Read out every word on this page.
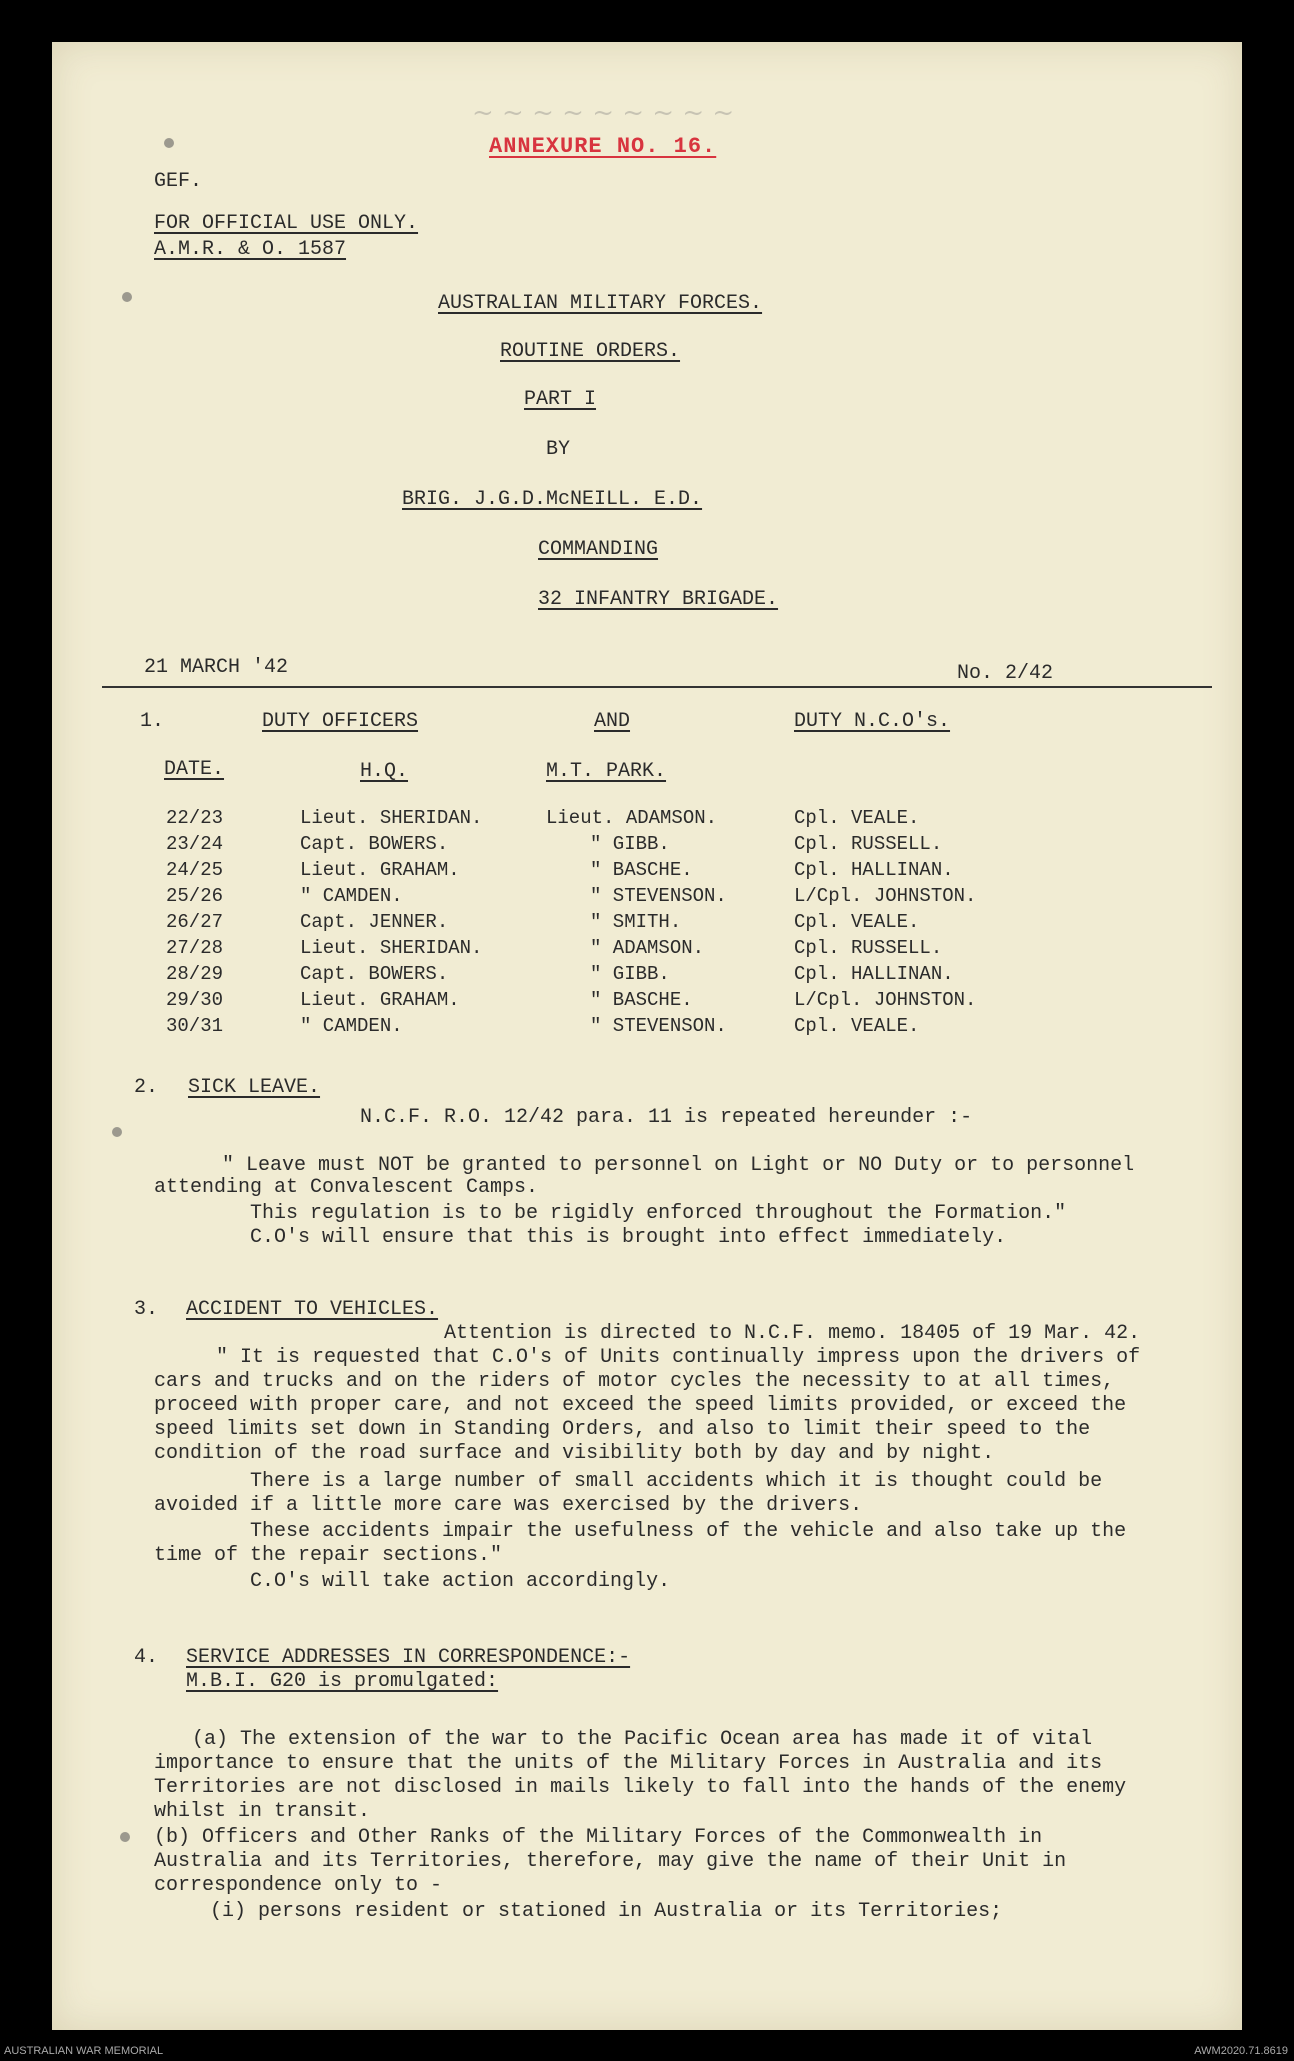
~ ~ ~ ~ ~ ~ ~ ~ ~
ANNEXURE NO. 16.
GEF.
FOR OFFICIAL USE ONLY.
A.M.R. & O. 1587
AUSTRALIAN MILITARY FORCES.
ROUTINE ORDERS.
PART I
BY
BRIG. J.G.D.McNEILL. E.D.
COMMANDING
32 INFANTRY BRIGADE.
21 MARCH '42	No. 2/42
1.	DUTY OFFICERS	AND	DUTY N.C.O's.
DATE.	H.Q.	M.T. PARK.
22/23	Lieut. SHERIDAN.	Lieut. ADAMSON.	Cpl. VEALE.
23/24	Capt. BOWERS.	" GIBB.	Cpl. RUSSELL.
24/25	Lieut. GRAHAM.	" BASCHE.	Cpl. HALLINAN.
25/26	" CAMDEN.	" STEVENSON.	L/Cpl. JOHNSTON.
26/27	Capt. JENNER.	" SMITH.	Cpl. VEALE.
27/28	Lieut. SHERIDAN.	" ADAMSON.	Cpl. RUSSELL.
28/29	Capt. BOWERS.	" GIBB.	Cpl. HALLINAN.
29/30	Lieut. GRAHAM.	" BASCHE.	L/Cpl. JOHNSTON.
30/31	" CAMDEN.	" STEVENSON.	Cpl. VEALE.
2. SICK LEAVE.
N.C.F. R.O. 12/42 para. 11 is repeated hereunder :-
" Leave must NOT be granted to personnel on Light or NO Duty or to personnel
attending at Convalescent Camps.
This regulation is to be rigidly enforced throughout the Formation."
C.O's will ensure that this is brought into effect immediately.
3. ACCIDENT TO VEHICLES.
Attention is directed to N.C.F. memo. 18405 of 19 Mar. 42.
" It is requested that C.O's of Units continually impress upon the drivers of
cars and trucks and on the riders of motor cycles the necessity to at all times,
proceed with proper care, and not exceed the speed limits provided, or exceed the
speed limits set down in Standing Orders, and also to limit their speed to the
condition of the road surface and visibility both by day and by night.
There is a large number of small accidents which it is thought could be
avoided if a little more care was exercised by the drivers.
These accidents impair the usefulness of the vehicle and also take up the
time of the repair sections."
C.O's will take action accordingly.
4. SERVICE ADDRESSES IN CORRESPONDENCE:-
M.B.I. G20 is promulgated:
(a) The extension of the war to the Pacific Ocean area has made it of vital
importance to ensure that the units of the Military Forces in Australia and its
Territories are not disclosed in mails likely to fall into the hands of the enemy
whilst in transit.
(b) Officers and Other Ranks of the Military Forces of the Commonwealth in
Australia and its Territories, therefore, may give the name of their Unit in
correspondence only to -
(i) persons resident or stationed in Australia or its Territories;
AUSTRALIAN WAR MEMORIAL	AWM2020.71.8619
